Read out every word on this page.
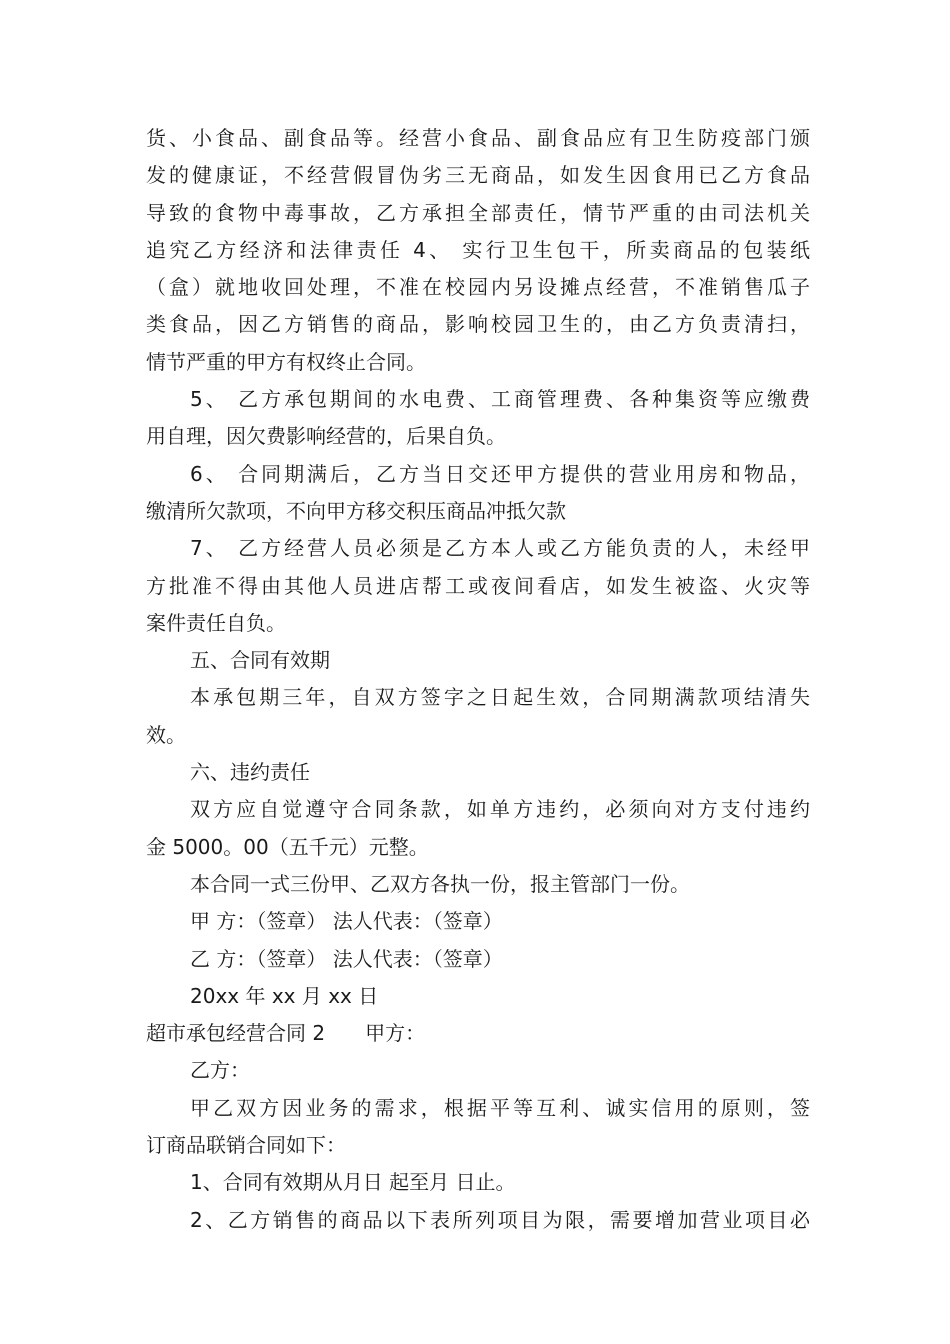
货、小食品、副食品等。经营小食品、副食品应有卫生防疫部门颁
发的健康证，不经营假冒伪劣三无商品，如发生因食用已乙方食品
导致的食物中毒事故，乙方承担全部责任，情节严重的由司法机关
追究乙方经济和法律责任 4、 实行卫生包干，所卖商品的包装纸
（盒）就地收回处理，不准在校园内另设摊点经营，不准销售瓜子
类食品，因乙方销售的商品，影响校园卫生的，由乙方负责清扫，
情节严重的甲方有权终止合同。
5、 乙方承包期间的水电费、工商管理费、各种集资等应缴费
用自理，因欠费影响经营的，后果自负。
6、 合同期满后，乙方当日交还甲方提供的营业用房和物品，
缴清所欠款项，不向甲方移交积压商品冲抵欠款
7、 乙方经营人员必须是乙方本人或乙方能负责的人，未经甲
方批准不得由其他人员进店帮工或夜间看店，如发生被盗、火灾等
案件责任自负。
五、合同有效期
本承包期三年，自双方签字之日起生效，合同期满款项结清失
效。
六、违约责任
双方应自觉遵守合同条款，如单方违约，必须向对方支付违约
金 5000。00（五千元）元整。
本合同一式三份甲、乙双方各执一份，报主管部门一份。
甲 方：（签章） 法人代表：（签章）
乙 方：（签章） 法人代表：（签章）
20xx 年 xx 月 xx 日
超市承包经营合同 2 甲方：
乙方：
甲乙双方因业务的需求，根据平等互利、诚实信用的原则，签
订商品联销合同如下：
1、合同有效期从月日 起至月 日止。
2、乙方销售的商品以下表所列项目为限，需要增加营业项目必
